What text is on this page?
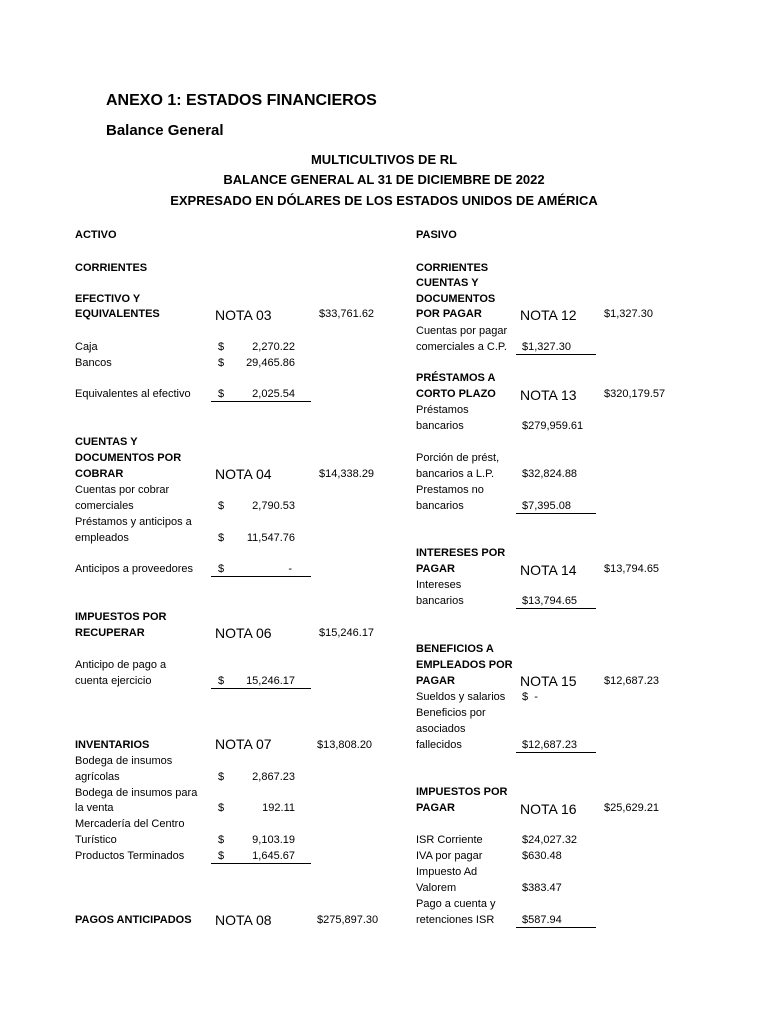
ANEXO 1: ESTADOS FINANCIEROS
Balance General
MULTICULTIVOS DE RL
BALANCE GENERAL AL 31 DE DICIEMBRE DE 2022
EXPRESADO EN DÓLARES DE LOS ESTADOS UNIDOS DE AMÉRICA
ACTIVO
CORRIENTES
EFECTIVO Y
EQUIVALENTES	NOTA 03	$33,761.62
Caja	$	2,270.22
Bancos	$	29,465.86
Equivalentes al efectivo $	2,025.54
CUENTAS Y
DOCUMENTOS POR
COBRAR	NOTA 04	$14,338.29
Cuentas por cobrar
comerciales	$	2,790.53
Préstamos y anticipos a
empleados	$	11,547.76
Anticipos a proveedores $	-
IMPUESTOS POR
RECUPERAR	NOTA 06	$15,246.17
Anticipo de pago a
cuenta ejercicio	$	15,246.17
INVENTARIOS	NOTA 07	$13,808.20
Bodega de insumos
agrícolas	$	2,867.23
Bodega de insumos para
la venta	$	192.11
Mercadería del Centro
Turístico	$	9,103.19
Productos Terminados	$	1,645.67
PAGOS ANTICIPADOS NOTA 08	$275,897.30
PASIVO
CORRIENTES
CUENTAS Y
DOCUMENTOS
POR PAGAR	NOTA 12 $1,327.30
Cuentas por pagar
comerciales a C.P. $1,327.30
PRÉSTAMOS A
CORTO PLAZO NOTA 13 $320,179.57
Préstamos
bancarios	$279,959.61
Porción de prést,
bancarios a L.P.	$32,824.88
Prestamos no
bancarios	$7,395.08
INTERESES POR
PAGAR	NOTA 14 $13,794.65
Intereses
bancarios	$13,794.65
BENEFICIOS A
EMPLEADOS POR
PAGAR	NOTA 15 $12,687.23
Sueldos y salarios $  -
Beneficios por
asociados
fallecidos	$12,687.23
IMPUESTOS POR
PAGAR	NOTA 16 $25,629.21
ISR Corriente	$24,027.32
IVA por pagar	$630.48
Impuesto Ad
Valorem	$383.47
Pago a cuenta y
retenciones ISR	$587.94
